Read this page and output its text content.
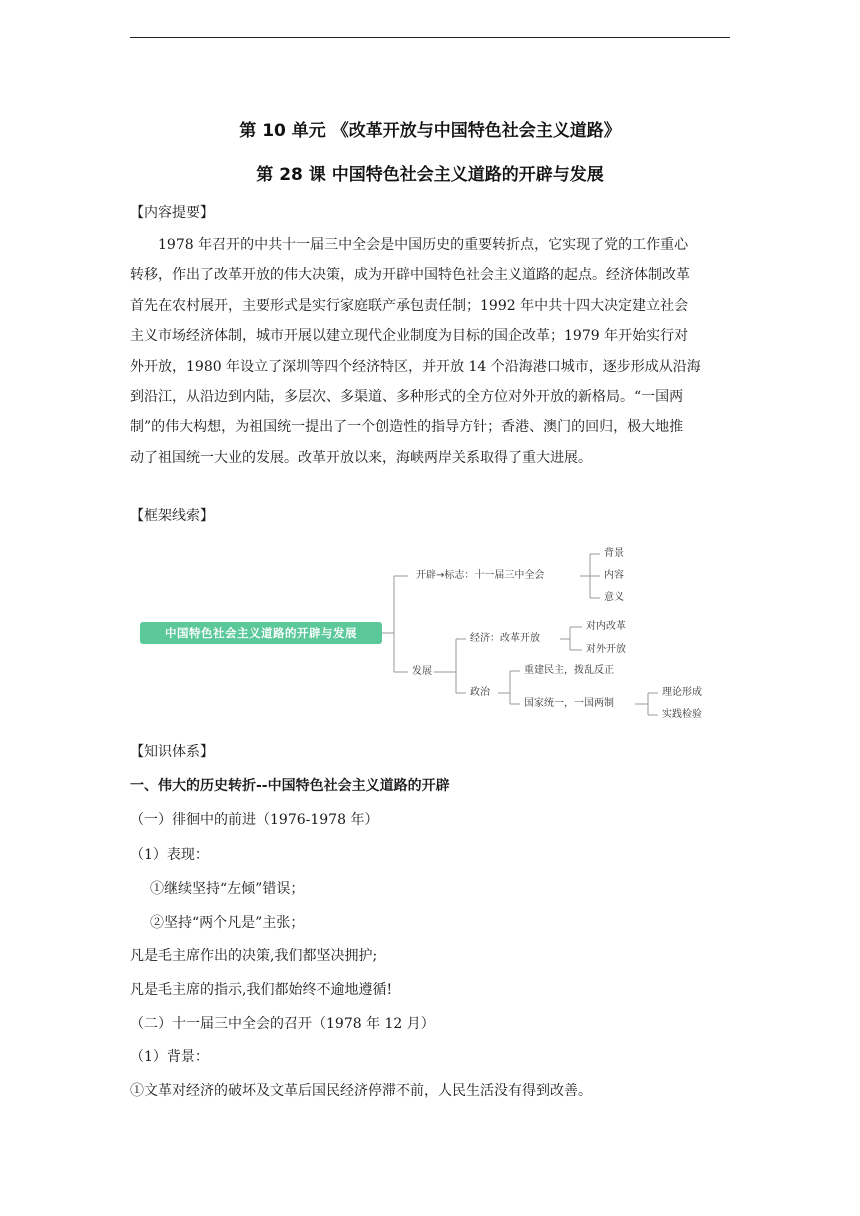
第 10 单元 《改革开放与中国特色社会主义道路》
第 28 课 中国特色社会主义道路的开辟与发展
【内容提要】
1978 年召开的中共十一届三中全会是中国历史的重要转折点，它实现了党的工作重心
转移，作出了改革开放的伟大决策，成为开辟中国特色社会主义道路的起点。经济体制改革
首先在农村展开，主要形式是实行家庭联产承包责任制；1992 年中共十四大决定建立社会
主义市场经济体制，城市开展以建立现代企业制度为目标的国企改革；1979 年开始实行对
外开放，1980 年设立了深圳等四个经济特区，并开放 14 个沿海港口城市，逐步形成从沿海
到沿江，从沿边到内陆，多层次、多渠道、多种形式的全方位对外开放的新格局。“一国两
制”的伟大构想，为祖国统一提出了一个创造性的指导方针；香港、澳门的回归，极大地推
动了祖国统一大业的发展。改革开放以来，海峡两岸关系取得了重大进展。
【框架线索】
中国特色社会主义道路的开辟与发展
开辟→标志：十一届三中全会
背景
内容
意义
发展
经济：改革开放
对内改革
对外开放
政治
重建民主，拨乱反正
国家统一，一国两制
理论形成
实践检验
【知识体系】
一、伟大的历史转折--中国特色社会主义道路的开辟
（一）徘徊中的前进（1976-1978 年）
（1）表现：
①继续坚持“左倾”错误；
②坚持“两个凡是”主张；
凡是毛主席作出的决策,我们都坚决拥护;
凡是毛主席的指示,我们都始终不逾地遵循!
（二）十一届三中全会的召开（1978 年 12 月）
（1）背景：
①文革对经济的破坏及文革后国民经济停滞不前，人民生活没有得到改善。
